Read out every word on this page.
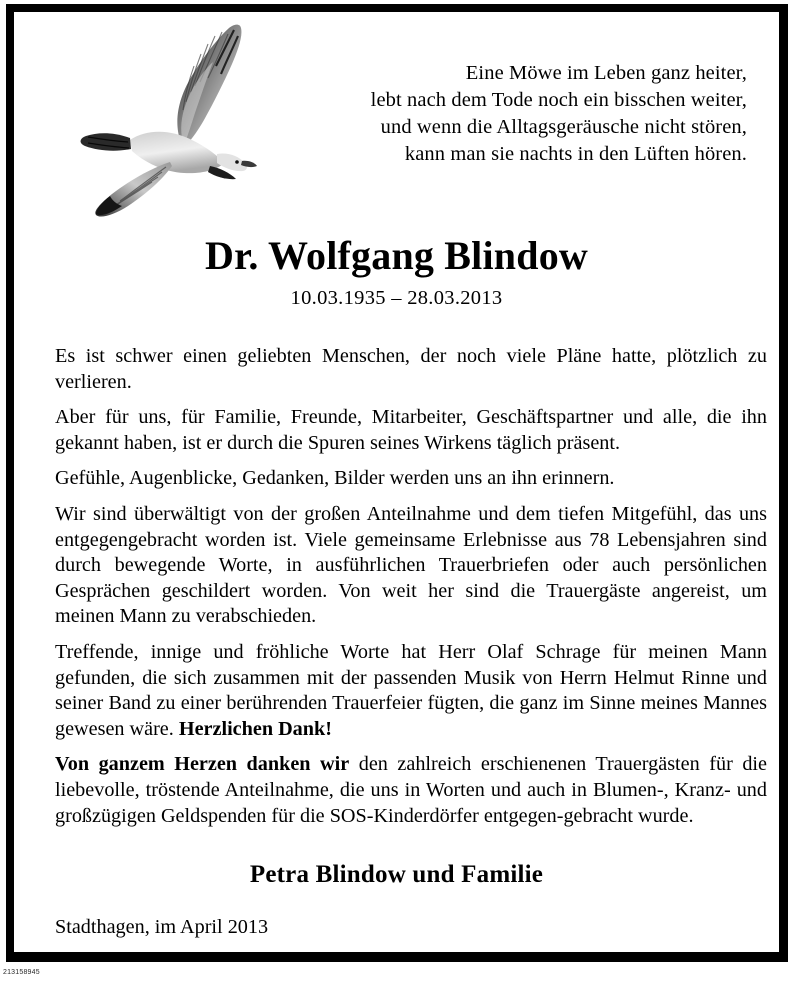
Eine Möwe im Leben ganz heiter,
lebt nach dem Tode noch ein bisschen weiter,
und wenn die Alltagsgeräusche nicht stören,
kann man sie nachts in den Lüften hören.
Dr. Wolfgang Blindow
10.03.1935 – 28.03.2013

Es ist schwer einen geliebten Menschen, der noch viele Pläne hatte, plötzlich zu verlieren.

Aber für uns, für Familie, Freunde, Mitarbeiter, Geschäftspartner und alle, die ihn gekannt haben, ist er durch die Spuren seines Wirkens täglich präsent.

Gefühle, Augenblicke, Gedanken, Bilder werden uns an ihn erinnern.

Wir sind überwältigt von der großen Anteilnahme und dem tiefen Mitgefühl, das uns entgegengebracht worden ist. Viele gemeinsame Erlebnisse aus 78 Lebensjahren sind durch bewegende Worte, in ausführlichen Trauerbriefen oder auch persönlichen Gesprächen geschildert worden. Von weit her sind die Trauergäste angereist, um meinen Mann zu verabschieden.

Treffende, innige und fröhliche Worte hat Herr Olaf Schrage für meinen Mann gefunden, die sich zusammen mit der passenden Musik von Herrn Helmut Rinne und seiner Band zu einer berührenden Trauerfeier fügten, die ganz im Sinne meines Mannes gewesen wäre. Herzlichen Dank!

Von ganzem Herzen danken wir den zahlreich erschienenen Trauergästen für die liebevolle, tröstende Anteilnahme, die uns in Worten und auch in Blumen-, Kranz- und großzügigen Geldspenden für die SOS-Kinderdörfer entgegen-gebracht wurde.

Petra Blindow und Familie
Stadthagen, im April 2013
213158945
